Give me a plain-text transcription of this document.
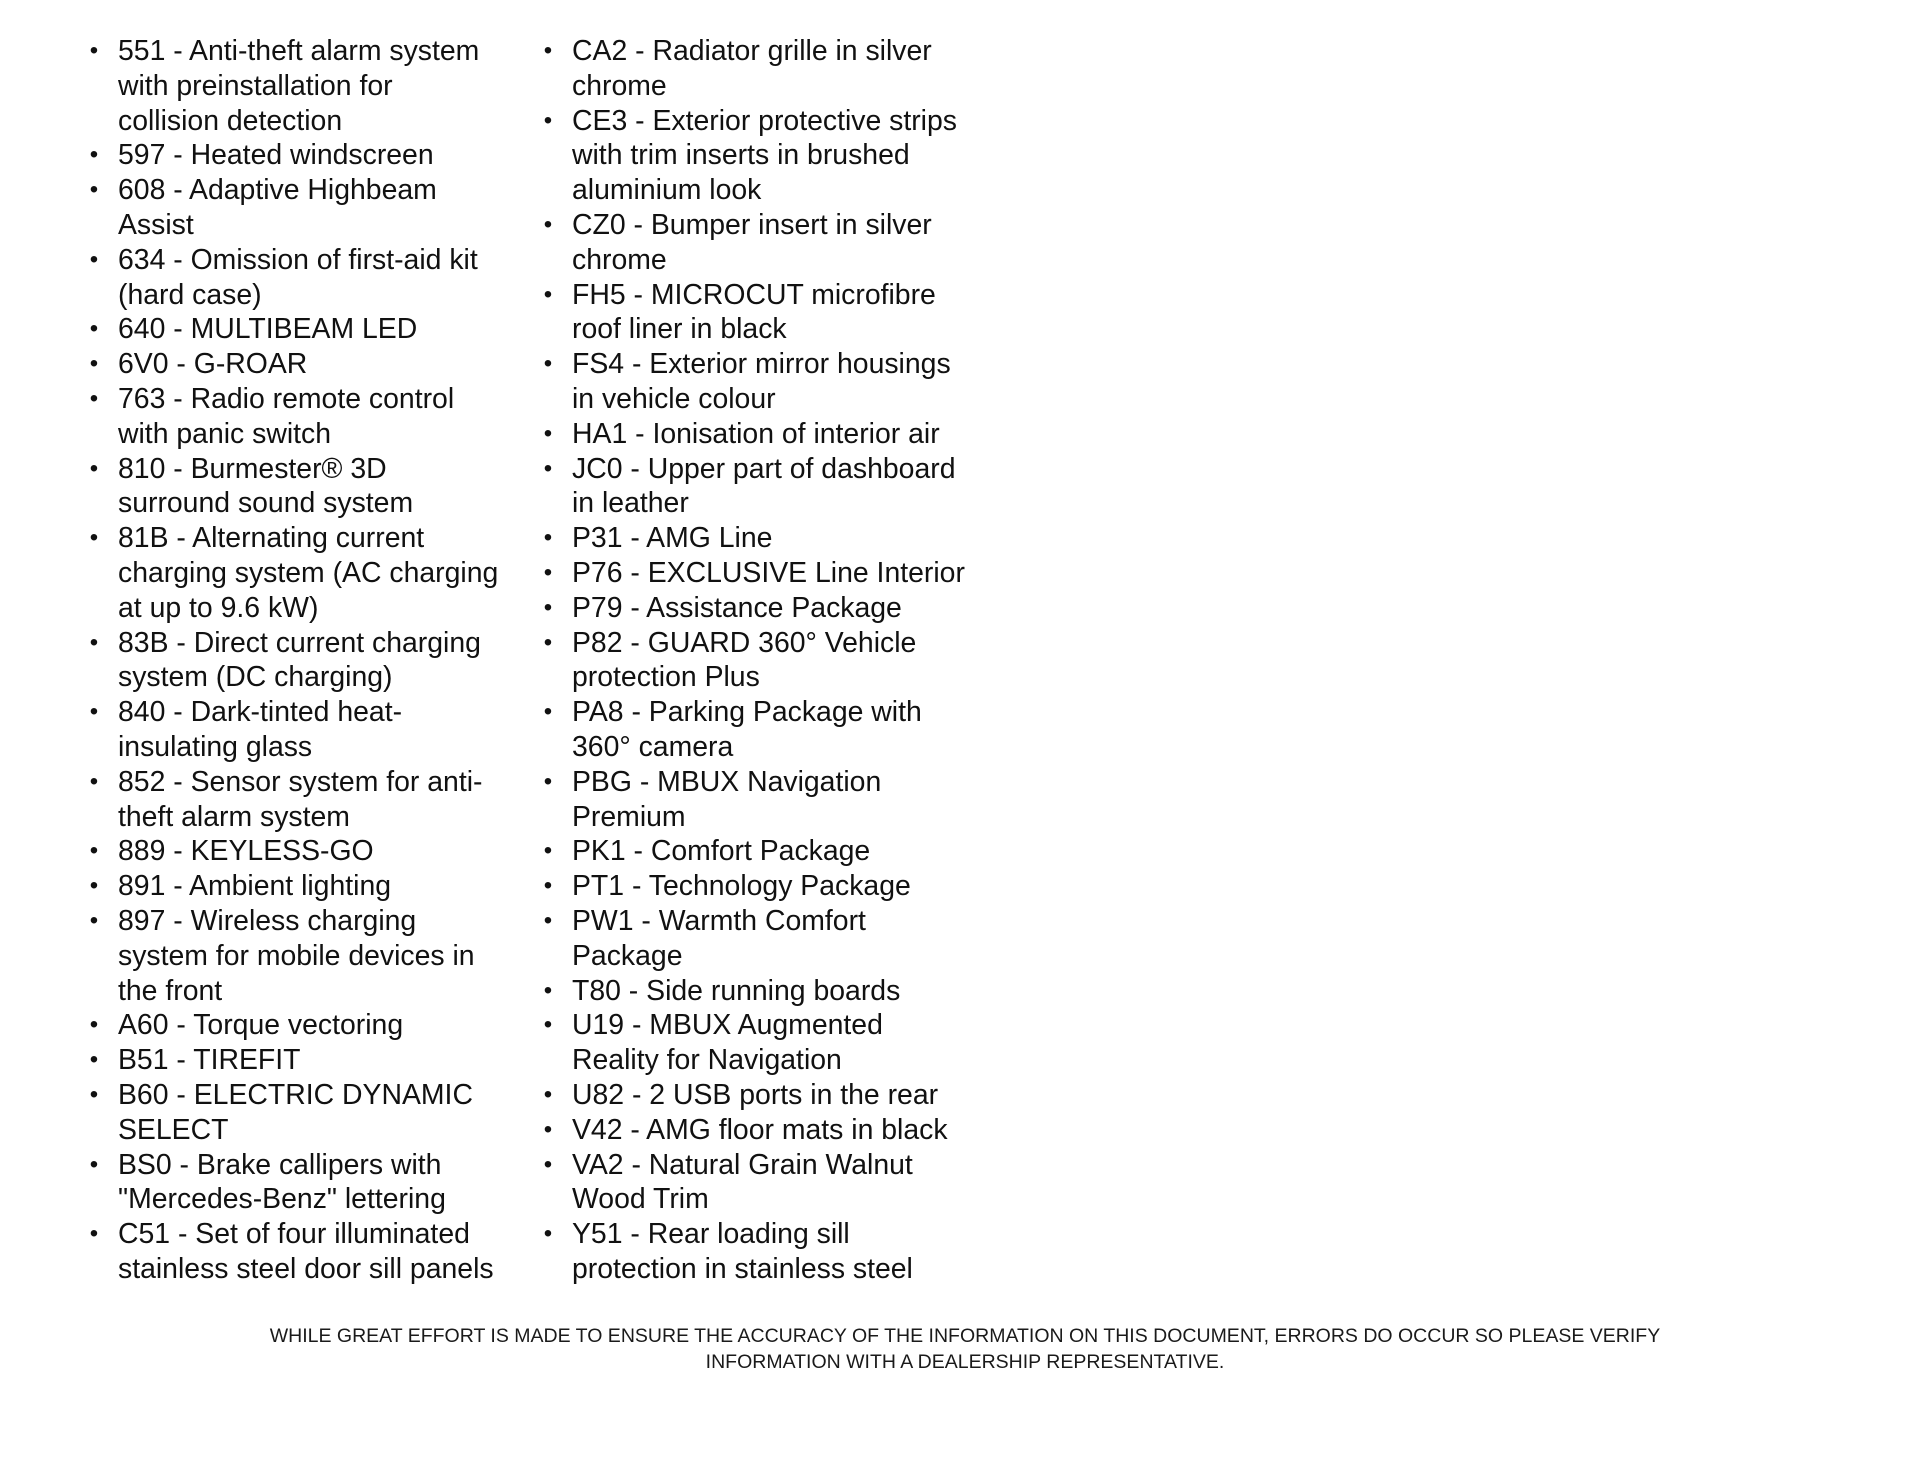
• 551 - Anti-theft alarm system
with preinstallation for
collision detection
• 597 - Heated windscreen
• 608 - Adaptive Highbeam
Assist
• 634 - Omission of first-aid kit
(hard case)
• 640 - MULTIBEAM LED
• 6V0 - G-ROAR
• 763 - Radio remote control
with panic switch
• 810 - Burmester® 3D
surround sound system
• 81B - Alternating current
charging system (AC charging
at up to 9.6 kW)
• 83B - Direct current charging
system (DC charging)
• 840 - Dark-tinted heat-
insulating glass
• 852 - Sensor system for anti-
theft alarm system
• 889 - KEYLESS-GO
• 891 - Ambient lighting
• 897 - Wireless charging
system for mobile devices in
the front
• A60 - Torque vectoring
• B51 - TIREFIT
• B60 - ELECTRIC DYNAMIC
SELECT
• BS0 - Brake callipers with
"Mercedes-Benz" lettering
• C51 - Set of four illuminated
stainless steel door sill panels
• CA2 - Radiator grille in silver
chrome
• CE3 - Exterior protective strips
with trim inserts in brushed
aluminium look
• CZ0 - Bumper insert in silver
chrome
• FH5 - MICROCUT microfibre
roof liner in black
• FS4 - Exterior mirror housings
in vehicle colour
• HA1 - Ionisation of interior air
• JC0 - Upper part of dashboard
in leather
• P31 - AMG Line
• P76 - EXCLUSIVE Line Interior
• P79 - Assistance Package
• P82 - GUARD 360° Vehicle
protection Plus
• PA8 - Parking Package with
360° camera
• PBG - MBUX Navigation
Premium
• PK1 - Comfort Package
• PT1 - Technology Package
• PW1 - Warmth Comfort
Package
• T80 - Side running boards
• U19 - MBUX Augmented
Reality for Navigation
• U82 - 2 USB ports in the rear
• V42 - AMG floor mats in black
• VA2 - Natural Grain Walnut
Wood Trim
• Y51 - Rear loading sill
protection in stainless steel
WHILE GREAT EFFORT IS MADE TO ENSURE THE ACCURACY OF THE INFORMATION ON THIS DOCUMENT, ERRORS DO OCCUR SO PLEASE VERIFY
INFORMATION WITH A DEALERSHIP REPRESENTATIVE.
